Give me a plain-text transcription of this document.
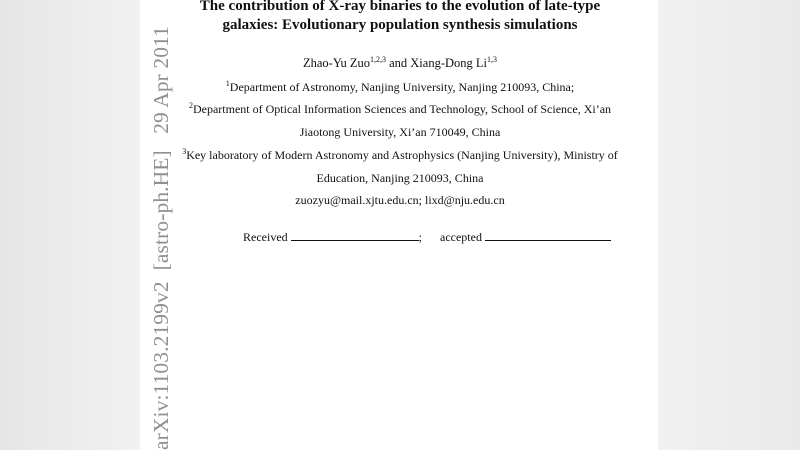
arXiv:1103.2199v2  [astro-ph.HE]   29 Apr 2011
The contribution of X-ray binaries to the evolution of late-type
galaxies: Evolutionary population synthesis simulations
Zhao-Yu Zuo$^{1,2,3}$ and Xiang-Dong Li$^{1,3}$
$^1$Department of Astronomy, Nanjing University, Nanjing 210093, China;
$^2$Department of Optical Information Sciences and Technology, School of Science, Xi’an
Jiaotong University, Xi’an 710049, China
$^3$Key laboratory of Modern Astronomy and Astrophysics (Nanjing University), Ministry of
Education, Nanjing 210093, China
zuozyu@mail.xjtu.edu.cn; lixd@nju.edu.cn
Received	; accepted
